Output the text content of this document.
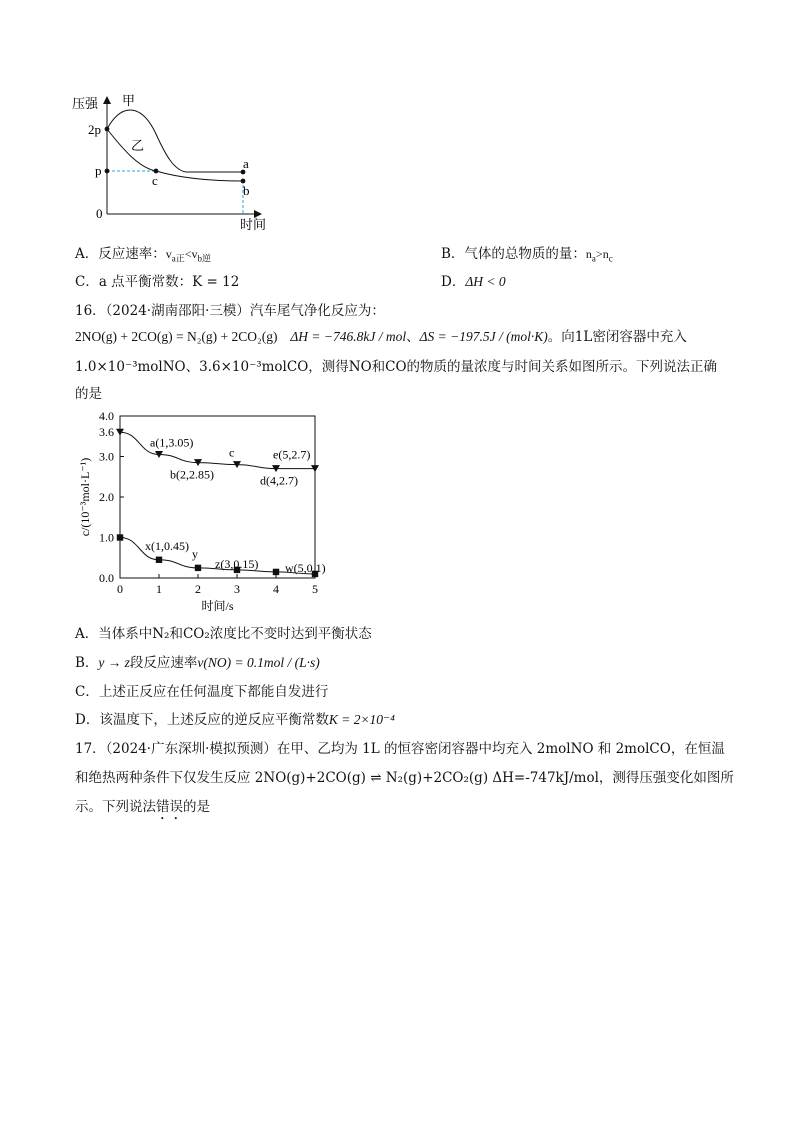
压强 甲
乙
2p
p
0
时间
a
b
c
A．反应速率：$v_{a正}<v_{b逆}$	B．气体的总物质的量：$n_a>n_c$
C．a 点平衡常数：K = 12	D．ΔH < 0
16．（2024·湖南邵阳·三模）汽车尾气净化反应为：
2NO(g) + 2CO(g) = N₂(g) + 2CO₂(g) ΔH = −746.8kJ / mol、ΔS = −197.5J / (mol·K)。向1L密闭容器中充入
1.0×10⁻³molNO、3.6×10⁻³molCO，测得NO和CO的物质的量浓度与时间关系如图所示。下列说法正确
的是
0.0
1.0
2.0
3.0
4.0
3.6
0	1	2	3	4	5
时间/s
c/(10⁻³mol·L⁻¹)
a(1,3.05)
b(2,2.85)
c
d(4,2.7)
e(5,2.7)
x(1,0.45)
y
z(3,0.15) w(5,0.1)
A．当体系中N₂和CO₂浓度比不变时达到平衡状态
B．y → z段反应速率v(NO) = 0.1mol / (L·s)
C．上述正反应在任何温度下都能自发进行
D．该温度下，上述反应的逆反应平衡常数K = 2×10⁻⁴
17．（2024·广东深圳·模拟预测）在甲、乙均为 1L 的恒容密闭容器中均充入 2molNO 和 2molCO，在恒温
和绝热两种条件下仅发生反应 2NO(g)+2CO(g) ⇌ N₂(g)+2CO₂(g) ΔH=-747kJ/mol，测得压强变化如图所
示。下列说法错误的是
